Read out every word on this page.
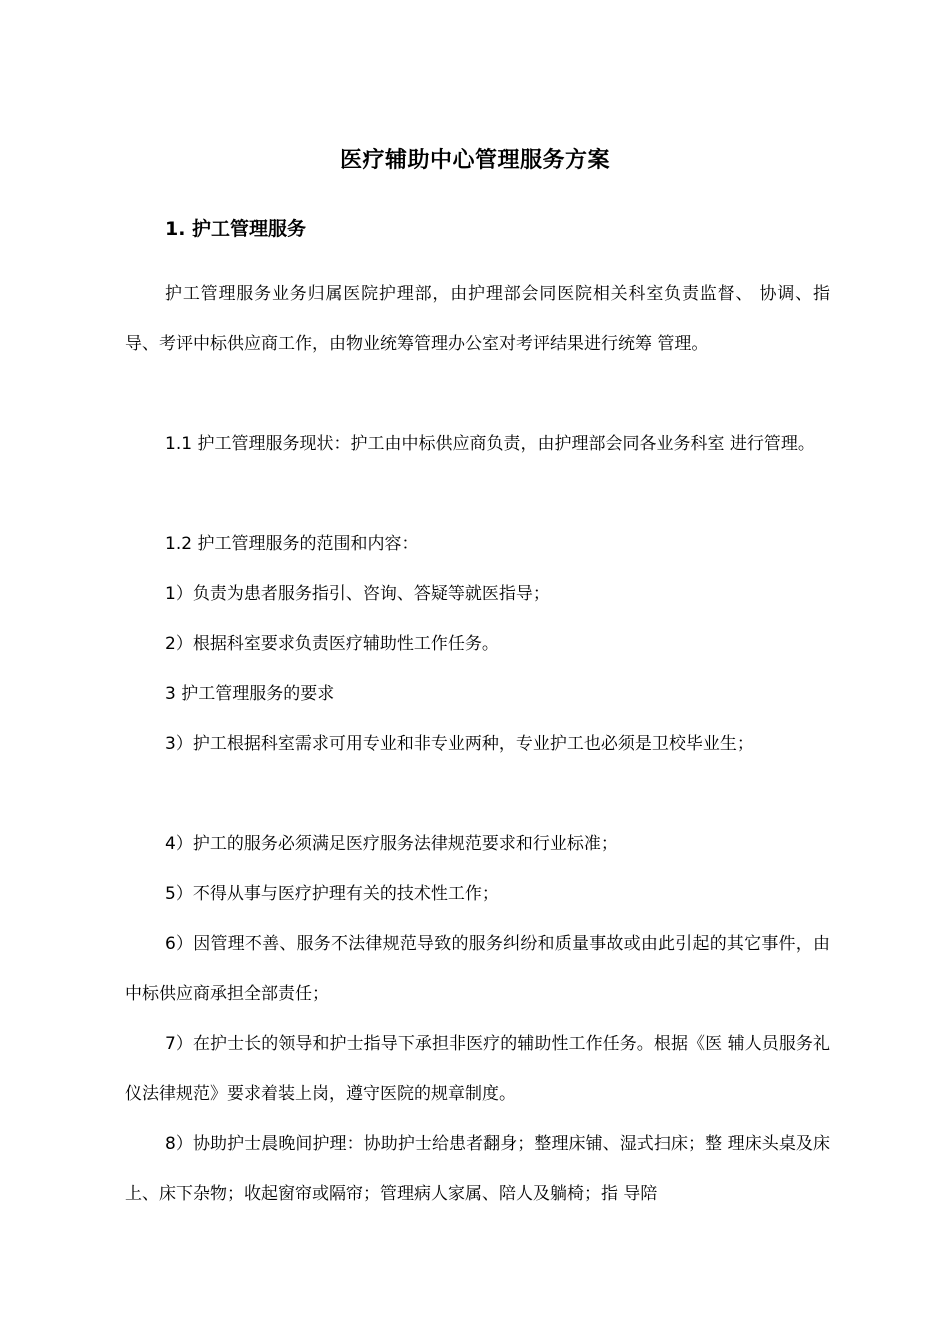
医疗辅助中心管理服务方案
1. 护工管理服务

护工管理服务业务归属医院护理部，由护理部会同医院相关科室负责监督、 协调、指导、考评中标供应商工作，由物业统筹管理办公室对考评结果进行统筹 管理。

1.1 护工管理服务现状：护工由中标供应商负责，由护理部会同各业务科室 进行管理。

1.2 护工管理服务的范围和内容：

1）负责为患者服务指引、咨询、答疑等就医指导；

2）根据科室要求负责医疗辅助性工作任务。

3 护工管理服务的要求

3）护工根据科室需求可用专业和非专业两种，专业护工也必须是卫校毕业生；

4）护工的服务必须满足医疗服务法律规范要求和行业标准；

5）不得从事与医疗护理有关的技术性工作；

6）因管理不善、服务不法律规范导致的服务纠纷和质量事故或由此引起的其它事件，由中标供应商承担全部责任；

7）在护士长的领导和护士指导下承担非医疗的辅助性工作任务。根据《医 辅人员服务礼仪法律规范》要求着装上岗，遵守医院的规章制度。

8）协助护士晨晚间护理：协助护士给患者翻身；整理床铺、湿式扫床；整 理床头桌及床上、床下杂物；收起窗帘或隔帘；管理病人家属、陪人及躺椅；指 导陪
